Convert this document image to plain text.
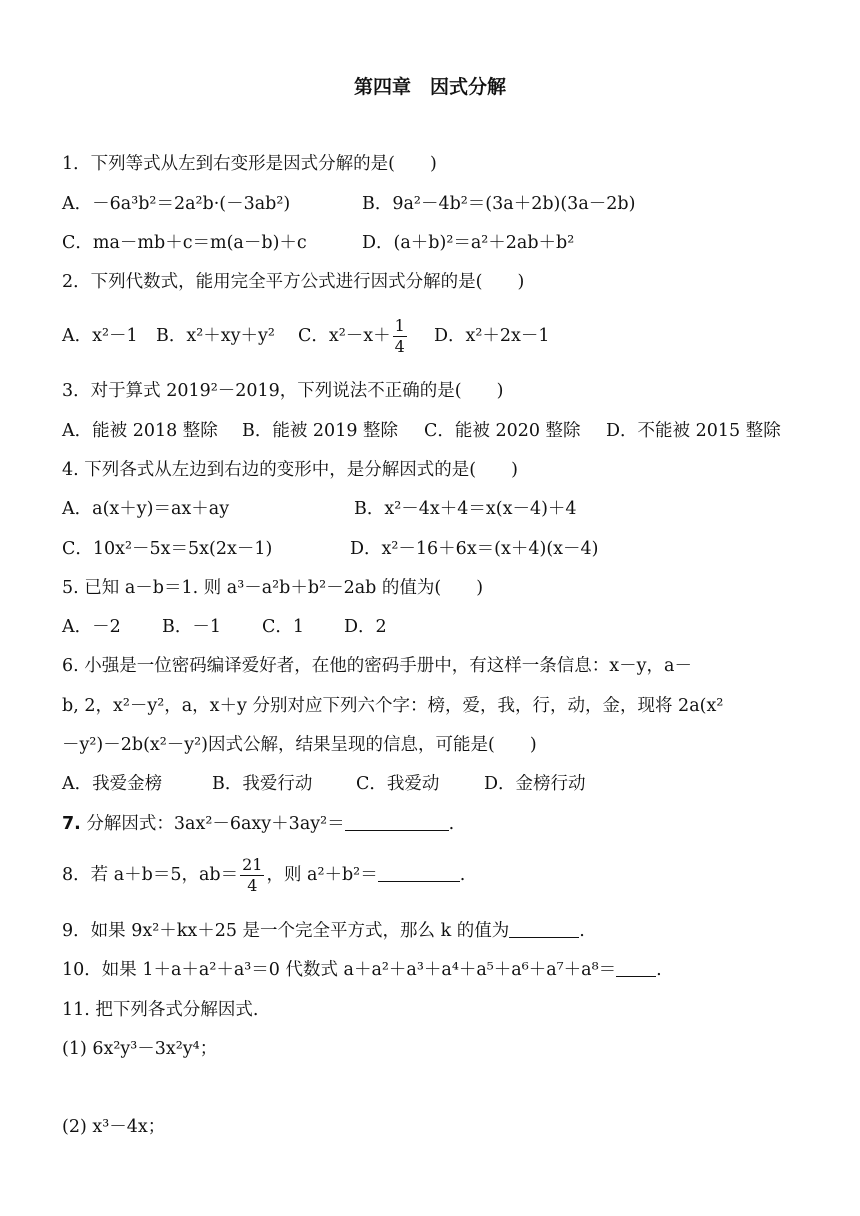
第四章　因式分解
1．下列等式从左到右变形是因式分解的是(　　)
A．－6a³b²＝2a²b·(－3ab²)	B．9a²－4b²＝(3a＋2b)(3a－2b)
C．ma－mb＋c＝m(a－b)＋c	D．(a＋b)²＝a²＋2ab＋b²
2．下列代数式，能用完全平方公式进行因式分解的是(　　)
A．x²－1 B．x²＋xy＋y² C．$x^2-x+ \frac{1}{4}$ D．x²＋2x－1
3．对于算式 2019²－2019，下列说法不正确的是(　　)
A．能被 2018 整除 B．能被 2019 整除 C．能被 2020 整除 D．不能被 2015 整除
4. 下列各式从左边到右边的变形中，是分解因式的是(　　)
A．a(x＋y)＝ax＋ay	B．x²－4x＋4＝x(x－4)＋4
C．10x²－5x＝5x(2x－1)	D．x²－16＋6x＝(x＋4)(x－4)
5. 已知 a－b＝1. 则 a³－a²b＋b²－2ab 的值为(　　)
A．－2 B．－1 C．1 D．2
6. 小强是一位密码编译爱好者，在他的密码手册中，有这样一条信息：x－y，a－
b, 2，x²－y²，a，x＋y 分别对应下列六个字：榜，爱，我，行，动，金，现将 2a(x²
－y²)－2b(x²－y²)因式公解，结果呈现的信息，可能是(　　)
A．我爱金榜	B．我爱行动 C．我爱动	D．金榜行动
7. 分解因式：3ax²－6axy＋3ay²＝	.
8．若 a＋b＝5，$ab= \frac{21}{4}$ ，则 a²＋b²＝	.
9．如果 9x²＋kx＋25 是一个完全平方式，那么 k 的值为	.
10．如果 1＋a＋a²＋a³＝0 代数式 a＋a²＋a³＋a⁴＋a⁵＋a⁶＋a⁷＋a⁸＝ .
11. 把下列各式分解因式.
(1) 6x²y³－3x²y⁴；
(2) x³－4x；
